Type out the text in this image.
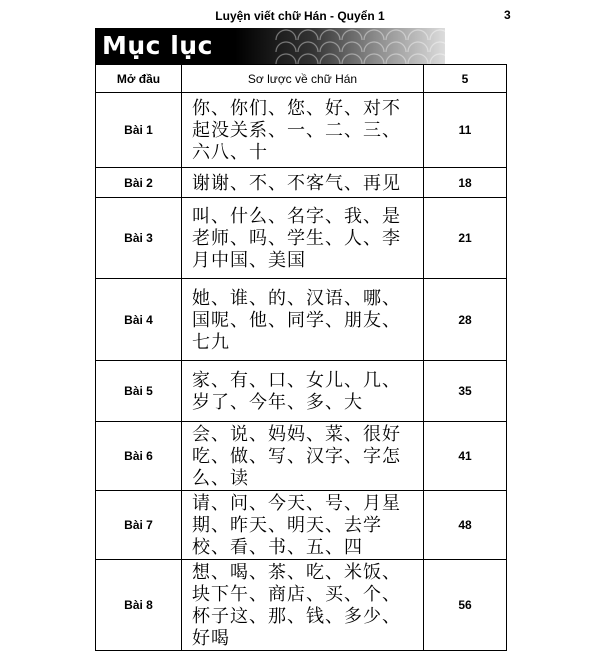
Luyện viết chữ Hán - Quyển 1	3
Mục lục
Mở đầu	Sơ lược về chữ Hán	5
Bài 1	你、你们、您、好、对不起没关系、一、二、三、六八、十	11
Bài 2	谢谢、不、不客气、再见	18
Bài 3	叫、什么、名字、我、是老师、吗、学生、人、李月中国、美国	21
Bài 4	她、谁、的、汉语、哪、国呢、他、同学、朋友、七九	28
Bài 5	家、有、口、女儿、几、岁了、今年、多、大	35
Bài 6	会、说、妈妈、菜、很好吃、做、写、汉字、字怎么、读	41
Bài 7	请、问、今天、号、月星期、昨天、明天、去学校、看、书、五、四	48
Bài 8	想、喝、茶、吃、米饭、块下午、商店、买、个、杯子这、那、钱、多少、好喝	56
